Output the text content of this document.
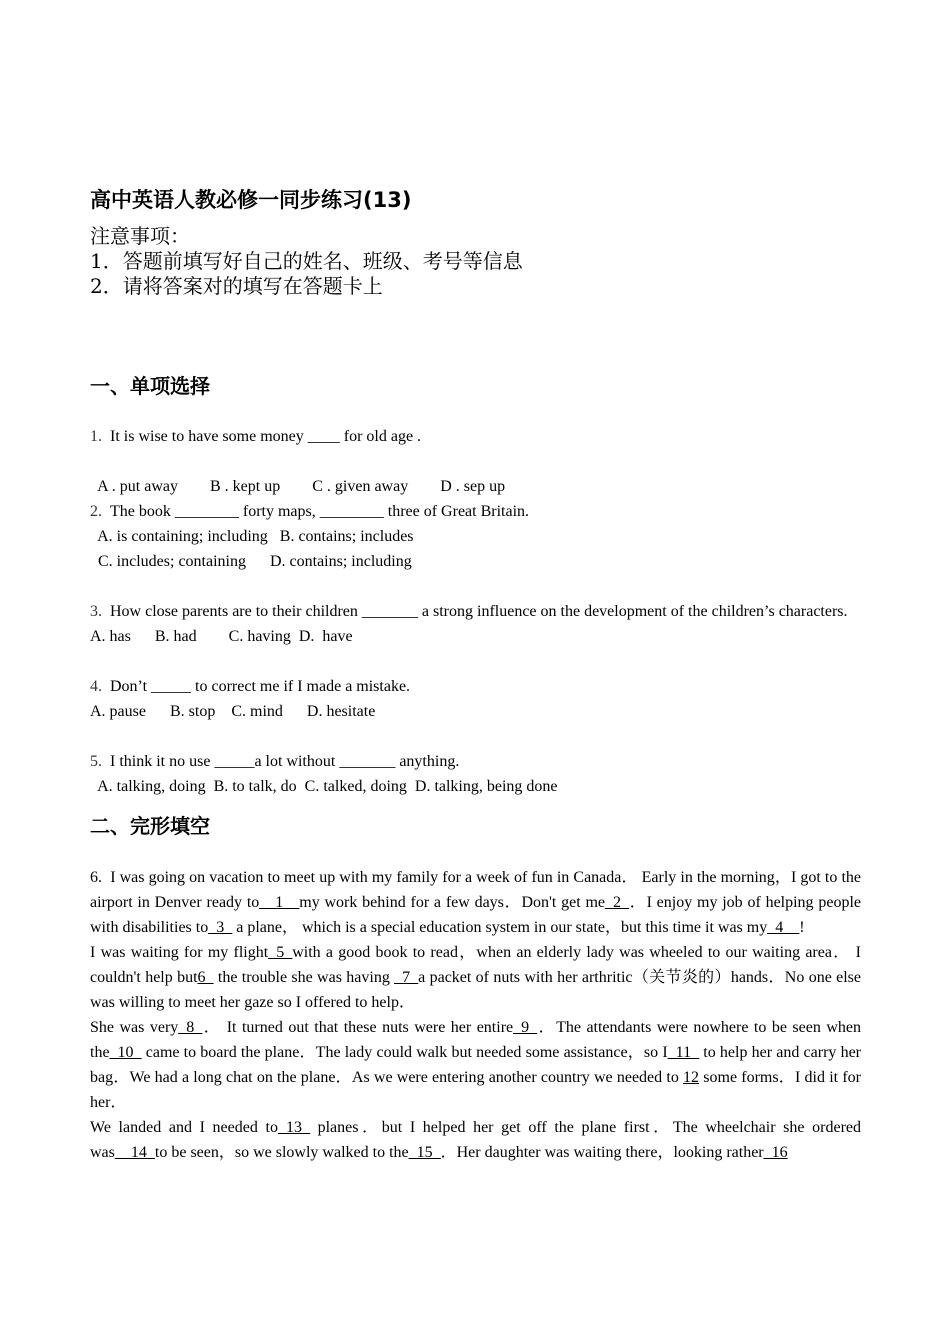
高中英语人教必修一同步练习(13)
注意事项：
1．答题前填写好自己的姓名、班级、考号等信息
2．请将答案对的填写在答题卡上
一、单项选择
1. It is wise to have some money ____ for old age .
A . put away        B . kept up        C . given away        D . sep up
2. The book ________ forty maps, ________ three of Great Britain.
A. is containing; including   B. contains; includes
C. includes; containing      D. contains; including
3. How close parents are to their children _______ a strong influence on the development of the children’s characters.
A. has      B. had        C. having  D.  have
4. Don’t _____ to correct me if I made a mistake.
A. pause      B. stop    C. mind      D. hesitate
5. I think it no use _____a lot without _______ anything.
A. talking, doing  B. to talk, do  C. talked, doing  D. talking, being done
二、完形填空
6. I was going on vacation to meet up with my family for a week of fun in Canada． Early in the morning，I got to the airport in Denver ready to__1__my work behind for a few days．Don't get me_2_．I enjoy my job of helping people with disabilities to_3_ a plane， which is a special education system in our state，but this time it was my_4__!
I was waiting for my flight_5_with a good book to read，when an elderly lady was wheeled to our waiting area． I couldn't help but6_ the trouble she was having _7_a packet of nuts with her arthritic（关节炎的）hands．No one else was willing to meet her gaze so I offered to help．
She was very_8_． It turned out that these nuts were her entire_9_．The attendants were nowhere to be seen when the_10_ came to board the plane．The lady could walk but needed some assistance，so I_11_ to help her and carry her bag．We had a long chat on the plane．As we were entering another country we needed to 12 some forms．I did it for her．
We landed and I needed to_13_ planes．but I helped her get off the plane first．The wheelchair she ordered was__14_to be seen，so we slowly walked to the_15_．Her daughter was waiting there，looking rather_16
